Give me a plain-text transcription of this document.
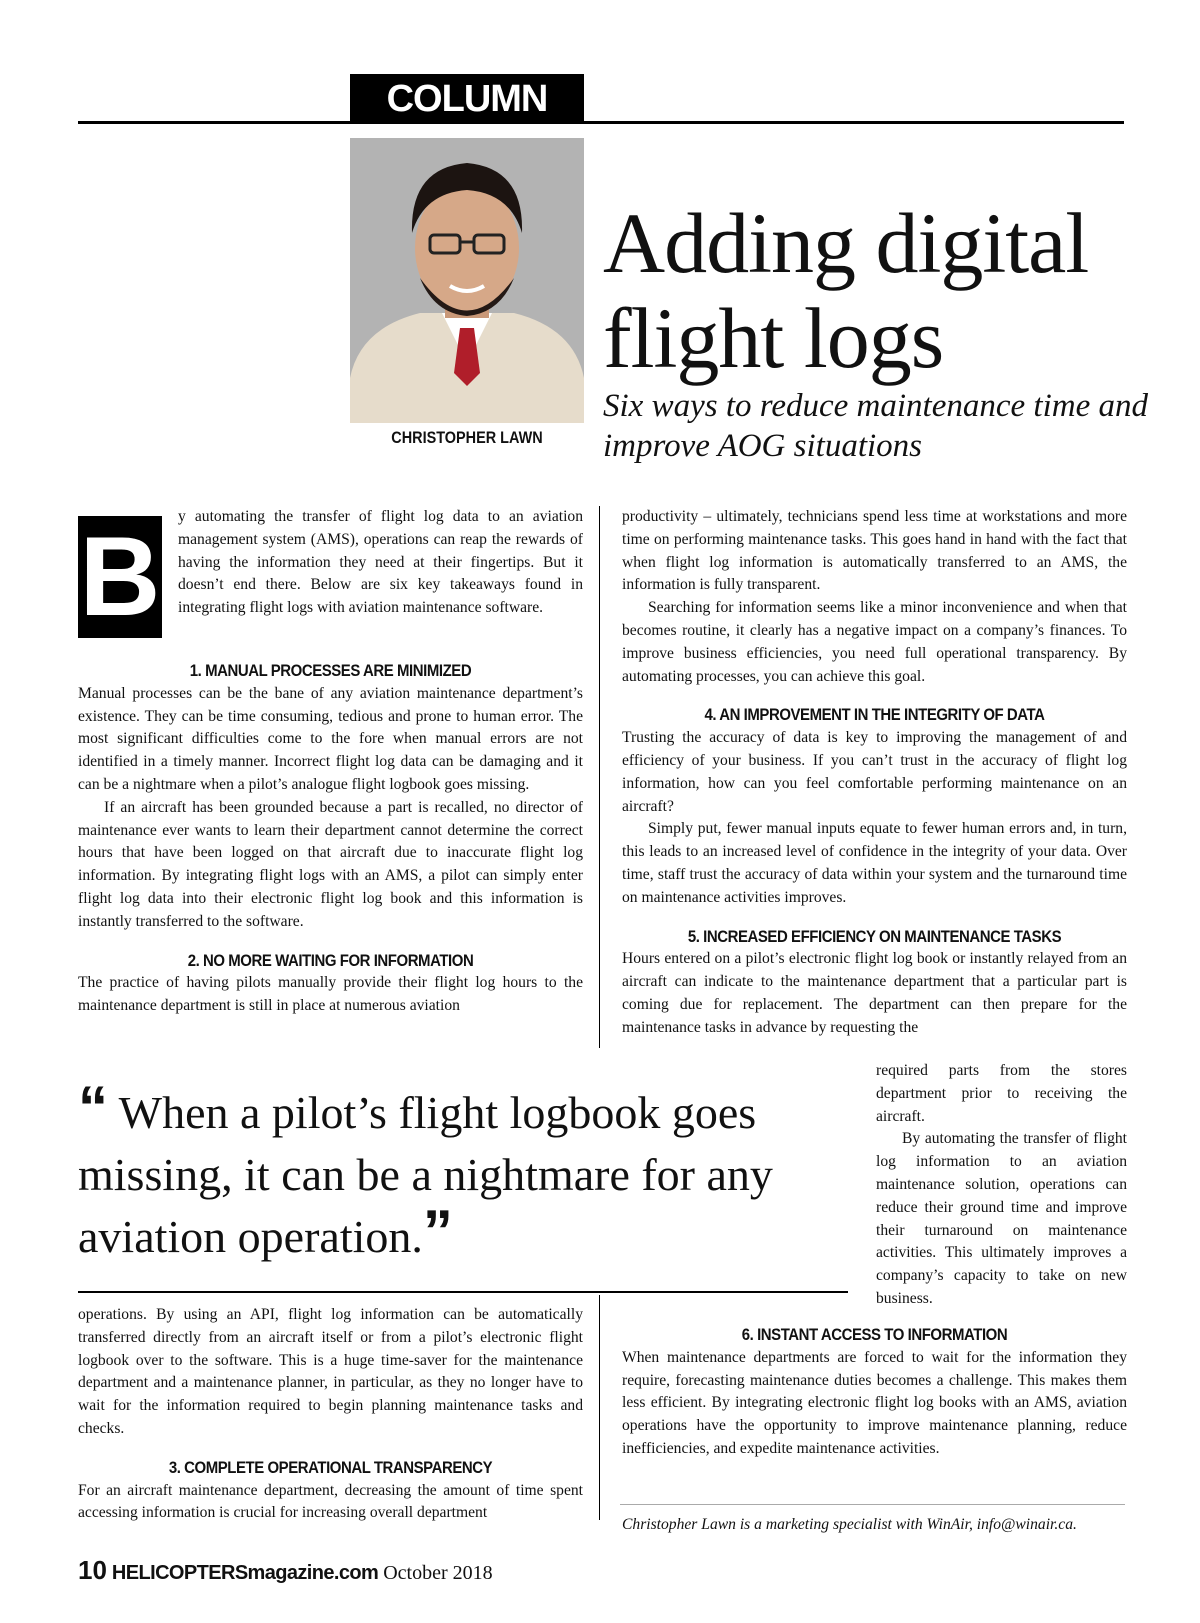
COLUMN
CHRISTOPHER LAWN
Adding digital flight logs
Six ways to reduce maintenance time and improve AOG situations
B y automating the transfer of flight log data to an aviation management system (AMS), operations can reap the rewards of having the information they need at their fingertips. But it doesn’t end there. Below are six key takeaways found in integrating flight logs with aviation maintenance software.

1. MANUAL PROCESSES ARE MINIMIZED

Manual processes can be the bane of any aviation maintenance department’s existence. They can be time consuming, tedious and prone to human error. The most significant difficulties come to the fore when manual errors are not identified in a timely manner. Incorrect flight log data can be damaging and it can be a nightmare when a pilot’s analogue flight logbook goes missing.

If an aircraft has been grounded because a part is recalled, no director of maintenance ever wants to learn their department cannot determine the correct hours that have been logged on that aircraft due to inaccurate flight log information. By integrating flight logs with an AMS, a pilot can simply enter flight log data into their electronic flight log book and this information is instantly transferred to the software.

2. NO MORE WAITING FOR INFORMATION

The practice of having pilots manually provide their flight log hours to the maintenance department is still in place at numerous aviation

productivity – ultimately, technicians spend less time at workstations and more time on performing maintenance tasks. This goes hand in hand with the fact that when flight log information is automatically transferred to an AMS, the information is fully transparent.

Searching for information seems like a minor inconvenience and when that becomes routine, it clearly has a negative impact on a company’s finances. To improve business efficiencies, you need full operational transparency. By automating processes, you can achieve this goal.

4. AN IMPROVEMENT IN THE INTEGRITY OF DATA

Trusting the accuracy of data is key to improving the management of and efficiency of your business. If you can’t trust in the accuracy of flight log information, how can you feel comfortable performing maintenance on an aircraft?

Simply put, fewer manual inputs equate to fewer human errors and, in turn, this leads to an increased level of confidence in the integrity of your data. Over time, staff trust the accuracy of data within your system and the turnaround time on maintenance activities improves.

5. INCREASED EFFICIENCY ON MAINTENANCE TASKS

Hours entered on a pilot’s electronic flight log book or instantly relayed from an aircraft can indicate to the maintenance department that a particular part is coming due for replacement. The department can then prepare for the maintenance tasks in advance by requesting the

required parts from the stores department prior to receiving the aircraft.

By automating the transfer of flight log information to an aviation maintenance solution, operations can reduce their ground time and improve their turnaround on maintenance activities. This ultimately improves a company’s capacity to take on new business.

“ When a pilot’s flight logbook goes missing, it can be a nightmare for any aviation operation.”

operations. By using an API, flight log information can be automatically transferred directly from an aircraft itself or from a pilot’s electronic flight logbook over to the software. This is a huge time-saver for the maintenance department and a maintenance planner, in particular, as they no longer have to wait for the information required to begin planning maintenance tasks and checks.

3. COMPLETE OPERATIONAL TRANSPARENCY

For an aircraft maintenance department, decreasing the amount of time spent accessing information is crucial for increasing overall department

6. INSTANT ACCESS TO INFORMATION

When maintenance departments are forced to wait for the information they require, forecasting maintenance duties becomes a challenge. This makes them less efficient. By integrating electronic flight log books with an AMS, aviation operations have the opportunity to improve maintenance planning, reduce inefficiencies, and expedite maintenance activities.

Christopher Lawn is a marketing specialist with WinAir, info@winair.ca.
10 HELICOPTERSmagazine.com October 2018
